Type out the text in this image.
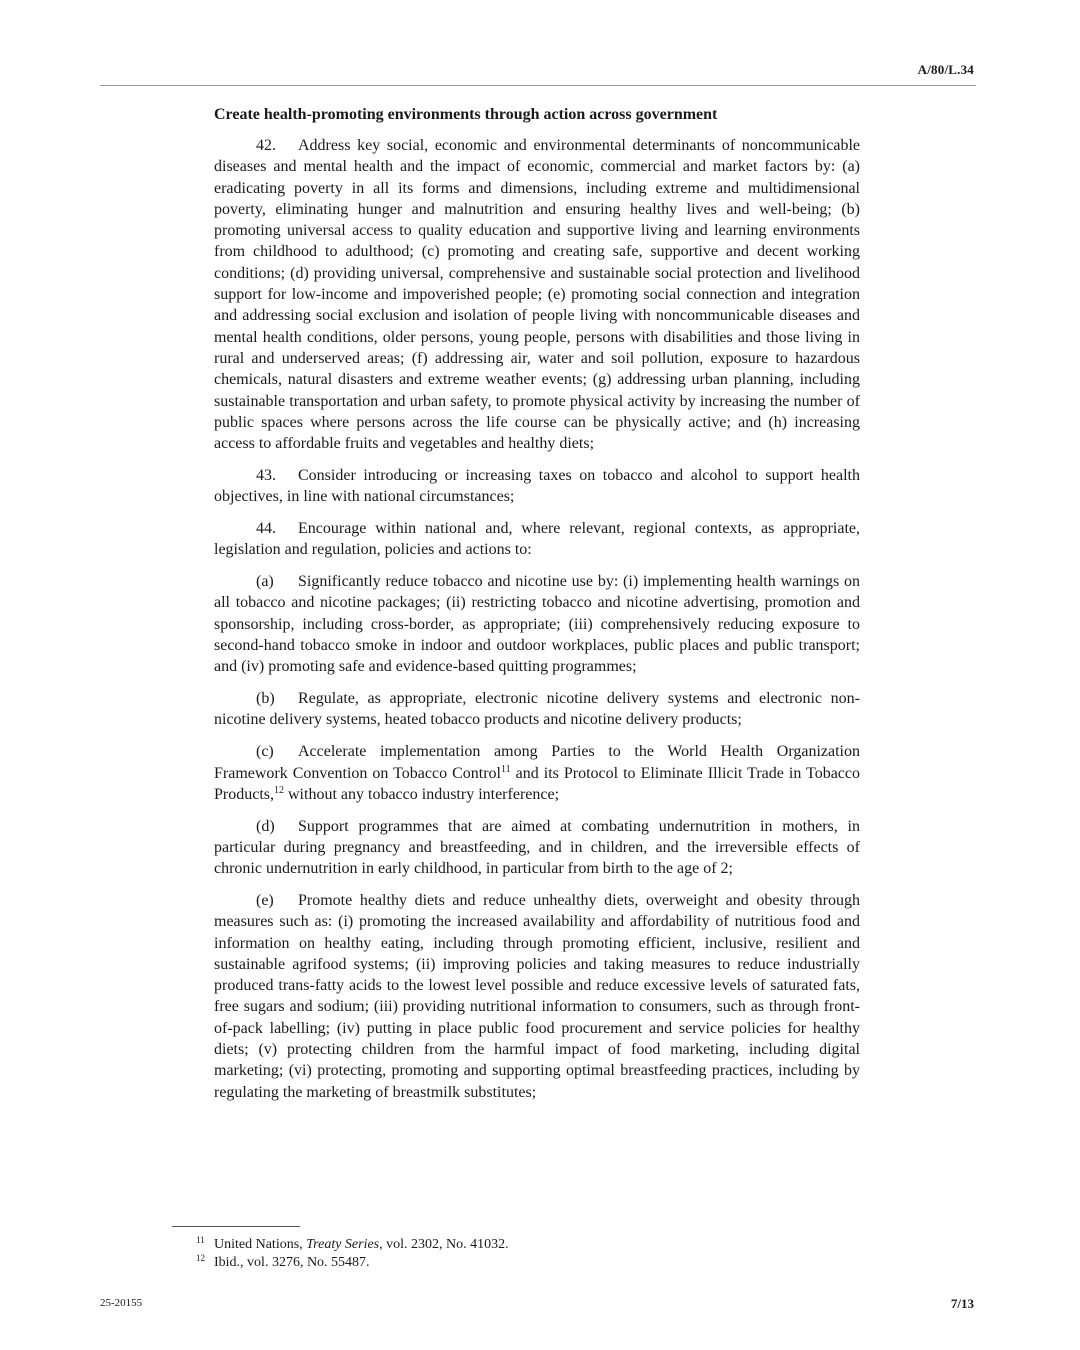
A/80/L.34
Create health-promoting environments through action across government

42. Address key social, economic and environmental determinants of noncommunicable diseases and mental health and the impact of economic, commercial and market factors by: (a) eradicating poverty in all its forms and dimensions, including extreme and multidimensional poverty, eliminating hunger and malnutrition and ensuring healthy lives and well-being; (b) promoting universal access to quality education and supportive living and learning environments from childhood to adulthood; (c) promoting and creating safe, supportive and decent working conditions; (d) providing universal, comprehensive and sustainable social protection and livelihood support for low-income and impoverished people; (e) promoting social connection and integration and addressing social exclusion and isolation of people living with noncommunicable diseases and mental health conditions, older persons, young people, persons with disabilities and those living in rural and underserved areas; (f) addressing air, water and soil pollution, exposure to hazardous chemicals, natural disasters and extreme weather events; (g) addressing urban planning, including sustainable transportation and urban safety, to promote physical activity by increasing the number of public spaces where persons across the life course can be physically active; and (h) increasing access to affordable fruits and vegetables and healthy diets;

43. Consider introducing or increasing taxes on tobacco and alcohol to support health objectives, in line with national circumstances;

44. Encourage within national and, where relevant, regional contexts, as appropriate, legislation and regulation, policies and actions to:

(a) Significantly reduce tobacco and nicotine use by: (i) implementing health warnings on all tobacco and nicotine packages; (ii) restricting tobacco and nicotine advertising, promotion and sponsorship, including cross-border, as appropriate; (iii) comprehensively reducing exposure to second-hand tobacco smoke in indoor and outdoor workplaces, public places and public transport; and (iv) promoting safe and evidence-based quitting programmes;

(b) Regulate, as appropriate, electronic nicotine delivery systems and electronic non-nicotine delivery systems, heated tobacco products and nicotine delivery products;

(c) Accelerate implementation among Parties to the World Health Organization Framework Convention on Tobacco Control$^{11}$ and its Protocol to Eliminate Illicit Trade in Tobacco Products,$^{12}$ without any tobacco industry interference;

(d) Support programmes that are aimed at combating undernutrition in mothers, in particular during pregnancy and breastfeeding, and in children, and the irreversible effects of chronic undernutrition in early childhood, in particular from birth to the age of 2;

(e) Promote healthy diets and reduce unhealthy diets, overweight and obesity through measures such as: (i) promoting the increased availability and affordability of nutritious food and information on healthy eating, including through promoting efficient, inclusive, resilient and sustainable agrifood systems; (ii) improving policies and taking measures to reduce industrially produced trans-fatty acids to the lowest level possible and reduce excessive levels of saturated fats, free sugars and sodium; (iii) providing nutritional information to consumers, such as through front-of-pack labelling; (iv) putting in place public food procurement and service policies for healthy diets; (v) protecting children from the harmful impact of food marketing, including digital marketing; (vi) protecting, promoting and supporting optimal breastfeeding practices, including by regulating the marketing of breastmilk substitutes;

11 United Nations, Treaty Series, vol. 2302, No. 41032.
12 Ibid., vol. 3276, No. 55487.
25-20155	7/13
